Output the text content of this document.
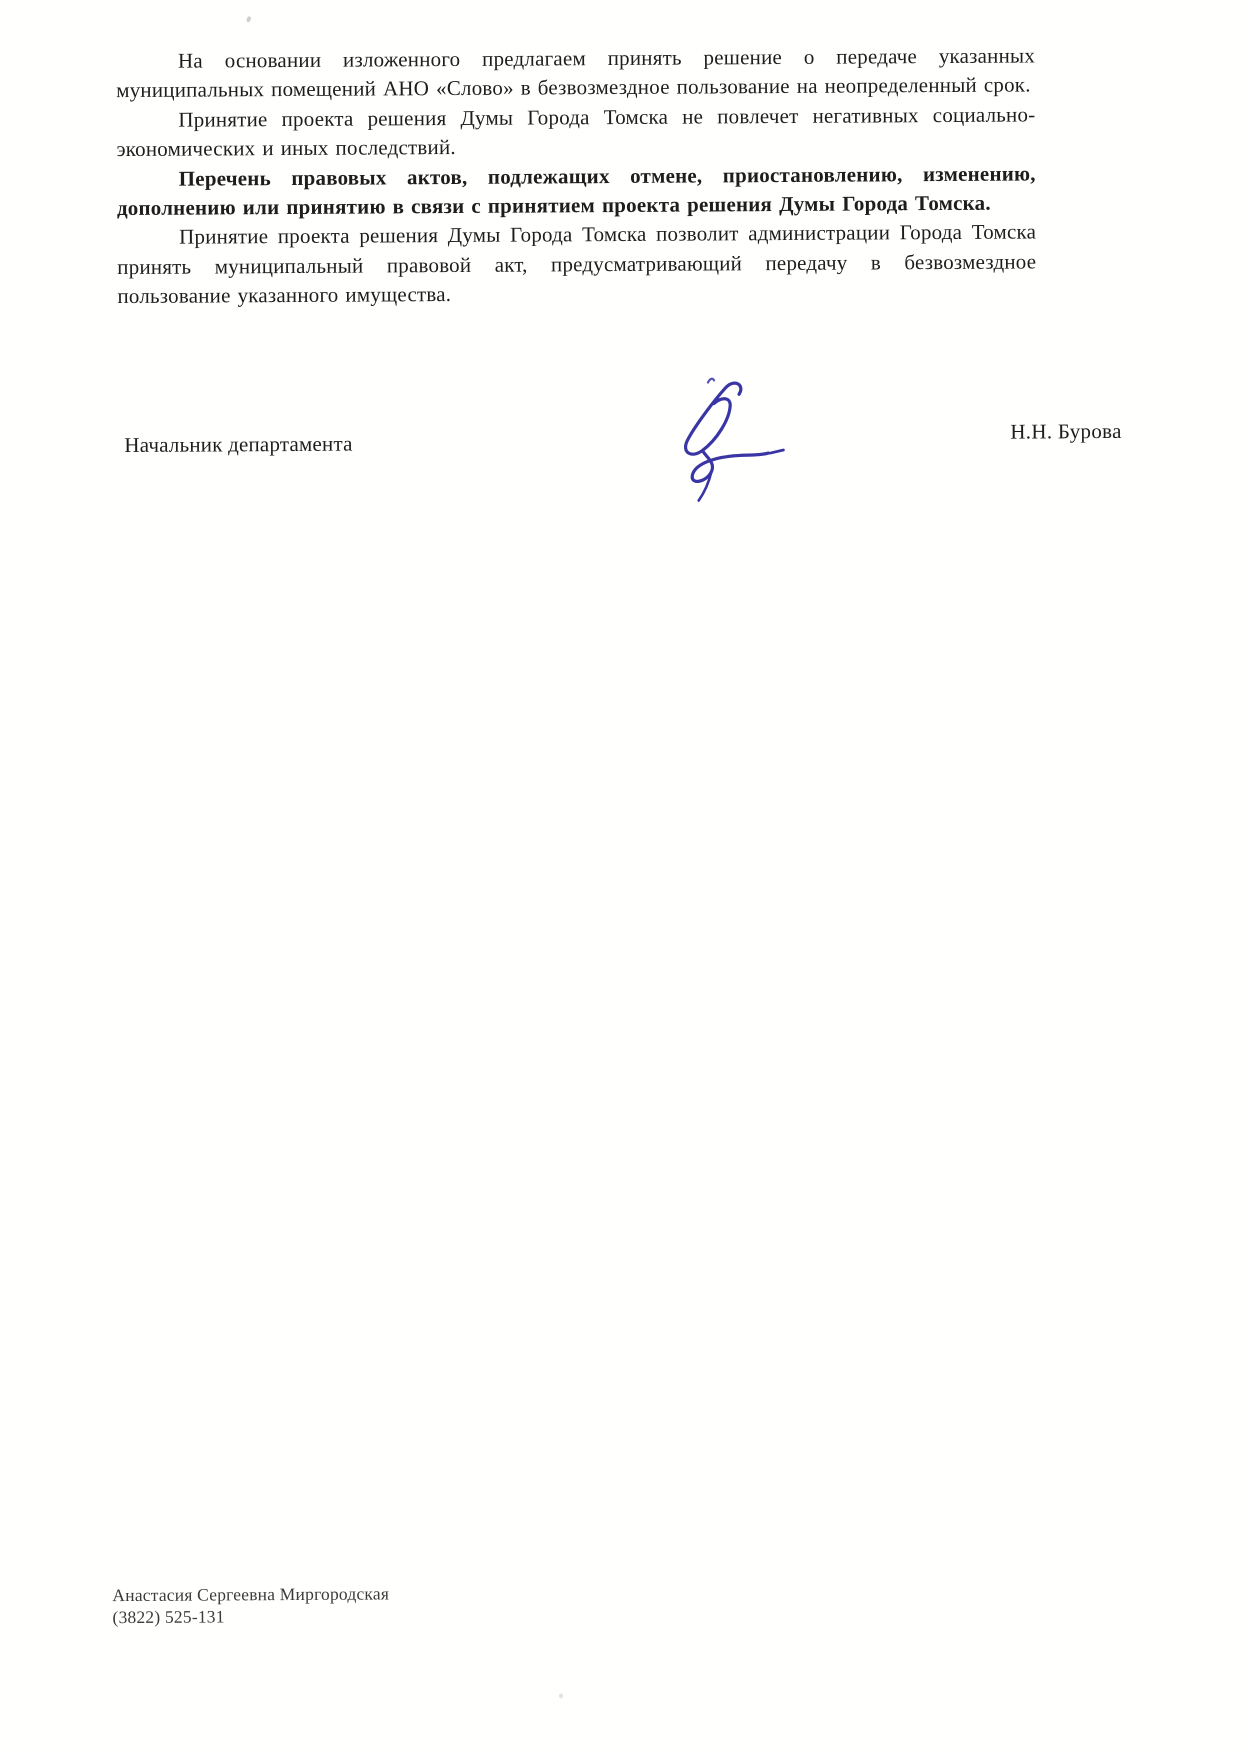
На основании изложенного предлагаем принять решение о передаче указанных муниципальных помещений АНО «Слово» в безвозмездное пользование на неопределенный срок.

Принятие проекта решения Думы Города Томска не повлечет негативных социально-экономических и иных последствий.

Перечень правовых актов, подлежащих отмене, приостановлению, изменению, дополнению или принятию в связи с принятием проекта решения Думы Города Томска.

Принятие проекта решения Думы Города Томска позволит администрации Города Томска принять муниципальный правовой акт, предусматривающий передачу в безвозмездное пользование указанного имущества.

Начальник департамента
Н.Н. Бурова
Анастасия Сергеевна Миргородская
(3822) 525-131
